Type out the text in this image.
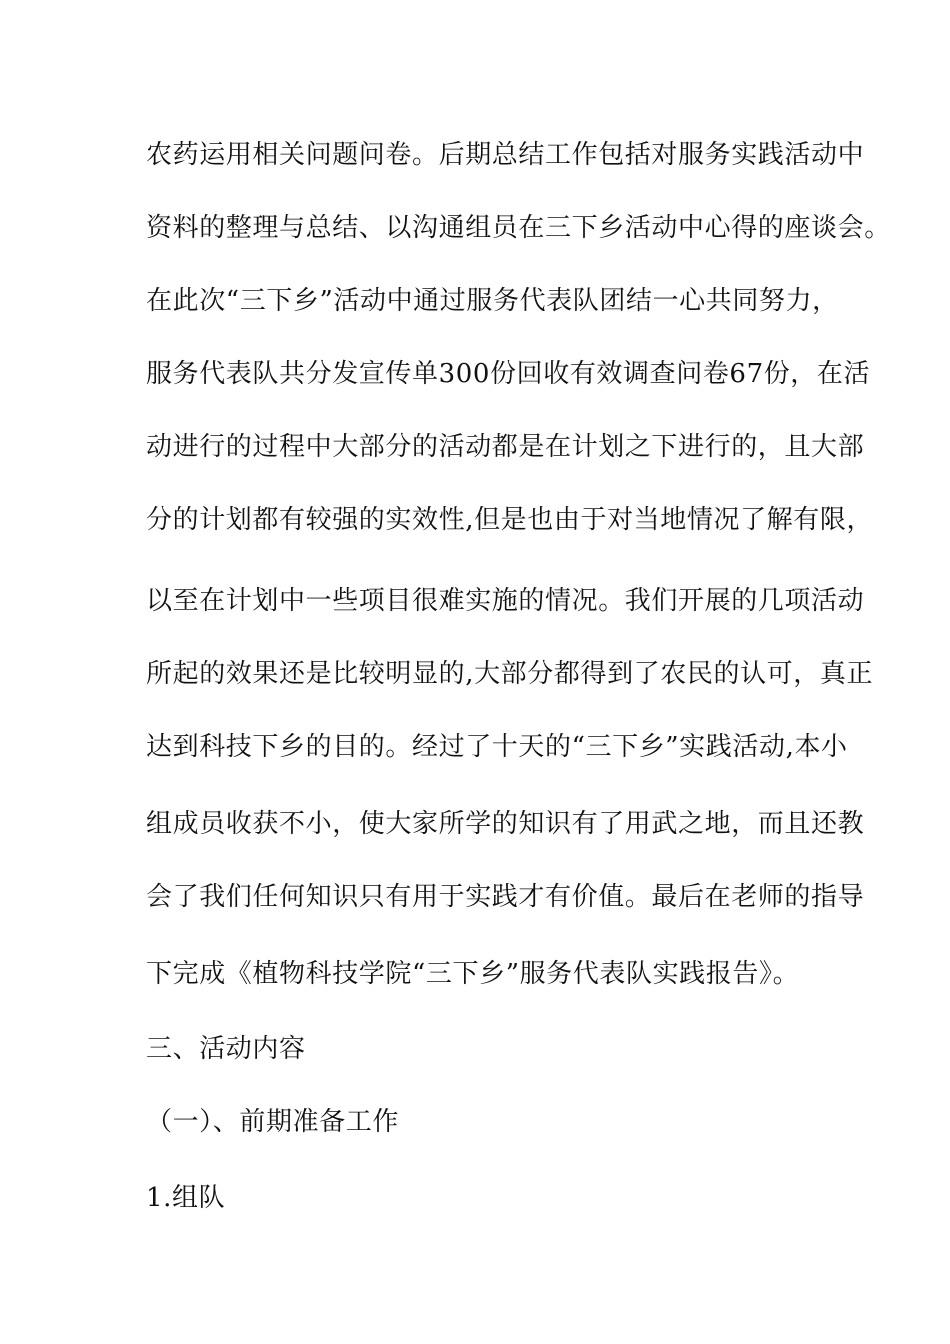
农药运用相关问题问卷。后期总结工作包括对服务实践活动中
资料的整理与总结、以沟通组员在三下乡活动中心得的座谈会。
在此次“三下乡”活动中通过服务代表队团结一心共同努力，
服务代表队共分发宣传单300份回收有效调查问卷67份，在活
动进行的过程中大部分的活动都是在计划之下进行的，且大部
分的计划都有较强的实效性,但是也由于对当地情况了解有限，
以至在计划中一些项目很难实施的情况。我们开展的几项活动
所起的效果还是比较明显的,大部分都得到了农民的认可，真正
达到科技下乡的目的。经过了十天的“三下乡”实践活动,本小
组成员收获不小，使大家所学的知识有了用武之地，而且还教
会了我们任何知识只有用于实践才有价值。最后在老师的指导
下完成《植物科技学院“三下乡”服务代表队实践报告》。
三、活动内容
（一）、前期准备工作
1.组队
